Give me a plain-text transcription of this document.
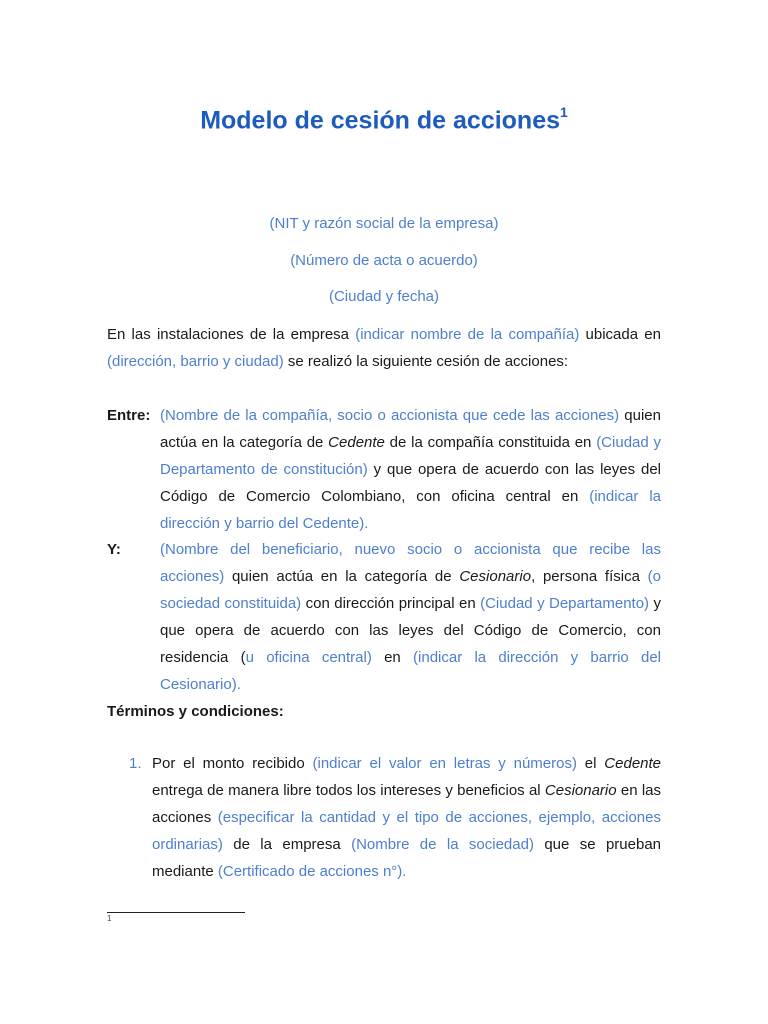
Modelo de cesión de acciones$^1$
(NIT y razón social de la empresa)
(Número de acta o acuerdo)
(Ciudad y fecha)
En las instalaciones de la empresa (indicar nombre de la compañía) ubicada en (dirección, barrio y ciudad) se realizó la siguiente cesión de acciones:
Entre: (Nombre de la compañía, socio o accionista que cede las acciones) quien actúa en la categoría de Cedente de la compañía constituida en (Ciudad y Departamento de constitución) y que opera de acuerdo con las leyes del Código de Comercio Colombiano, con oficina central en (indicar la dirección y barrio del Cedente).
Y:	(Nombre del beneficiario, nuevo socio o accionista que recibe las acciones) quien actúa en la categoría de Cesionario, persona física (o sociedad constituida) con dirección principal en (Ciudad y Departamento) y que opera de acuerdo con las leyes del Código de Comercio, con residencia (u oficina central) en (indicar la dirección y barrio del Cesionario).
Términos y condiciones:
1. Por el monto recibido (indicar el valor en letras y números) el Cedente entrega de manera libre todos los intereses y beneficios al Cesionario en las acciones (especificar la cantidad y el tipo de acciones, ejemplo, acciones ordinarias) de la empresa (Nombre de la sociedad) que se prueban mediante (Certificado de acciones n°).
1
